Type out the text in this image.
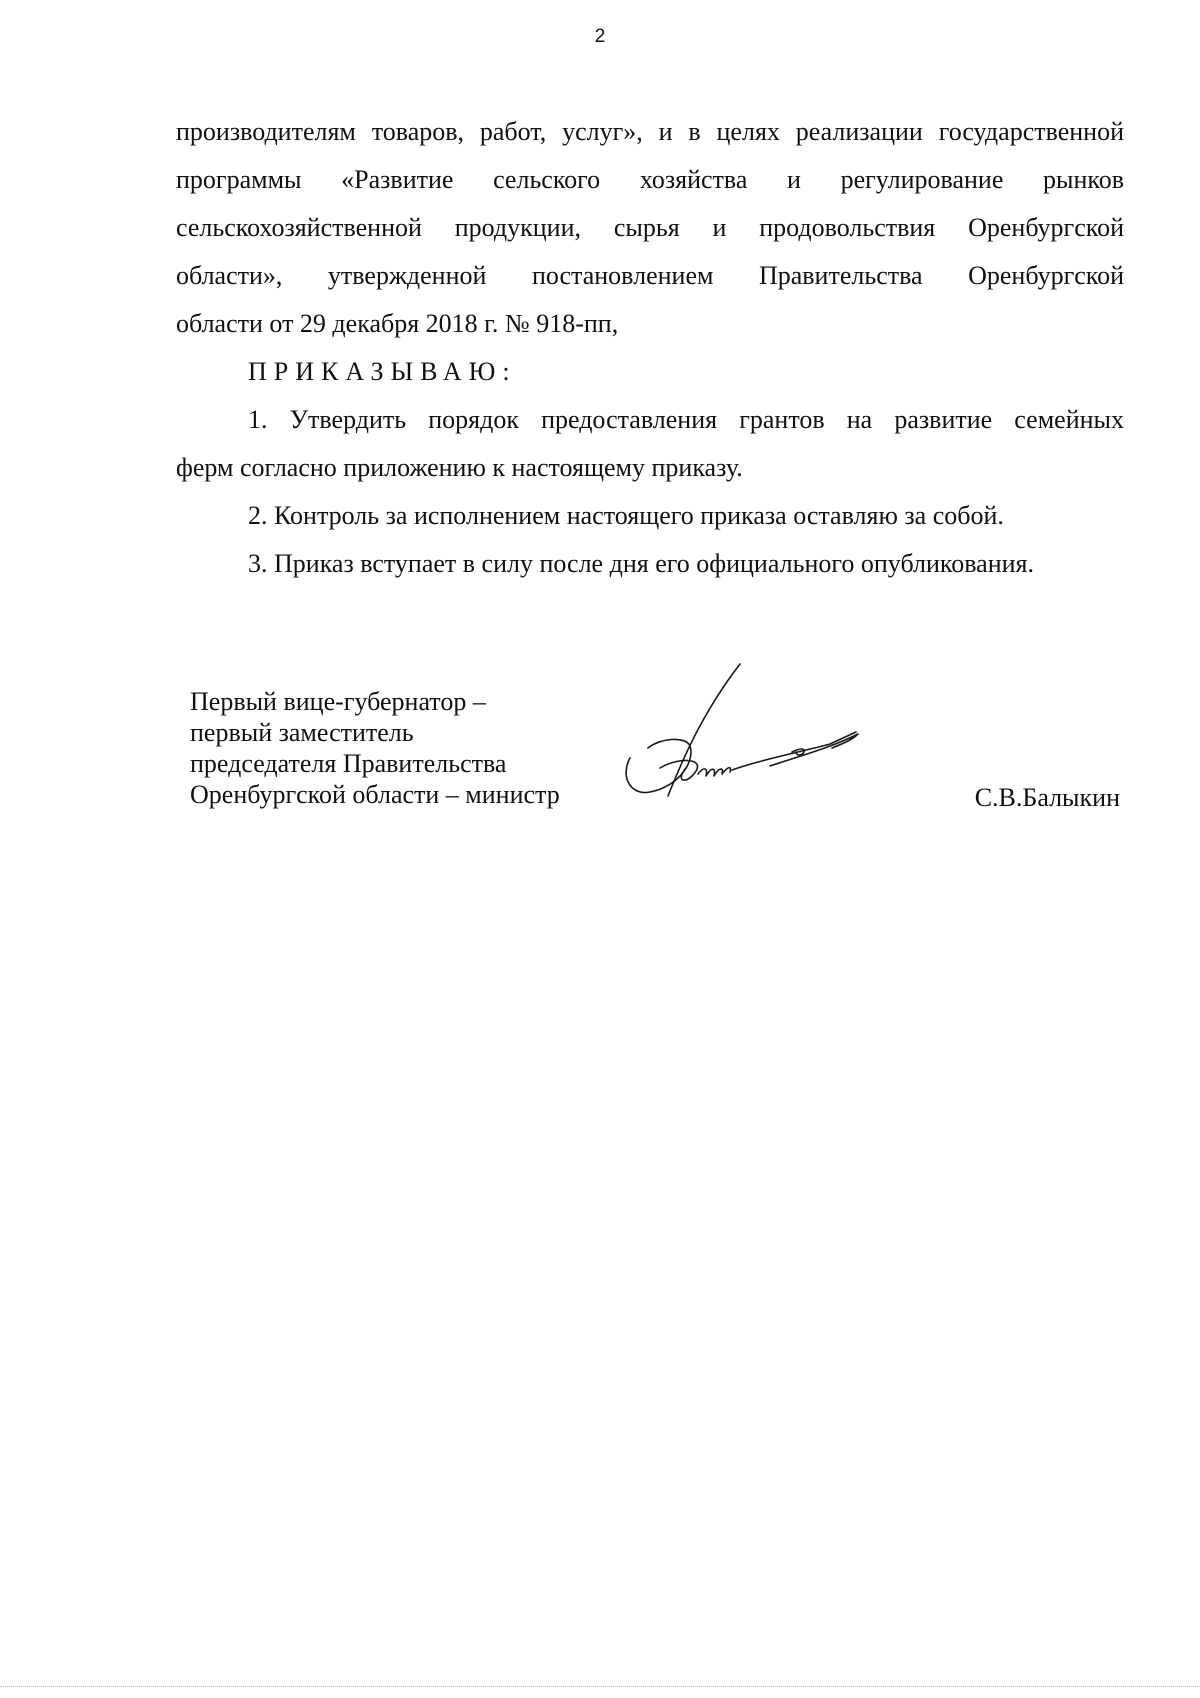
2

производителям товаров, работ, услуг», и в целях реализации государственной
программы «Развитие сельского хозяйства и регулирование рынков
сельскохозяйственной продукции, сырья и продовольствия Оренбургской
области», утвержденной постановлением Правительства Оренбургской
области от 29 декабря 2018 г. № 918-пп,

ПРИКАЗЫВАЮ:

1. Утвердить порядок предоставления грантов на развитие семейных
ферм согласно приложению к настоящему приказу.

2. Контроль за исполнением настоящего приказа оставляю за собой.

3. Приказ вступает в силу после дня его официального опубликования.

Первый вице-губернатор –
первый заместитель
председателя Правительства
Оренбургской области – министр	С.В.Балыкин
